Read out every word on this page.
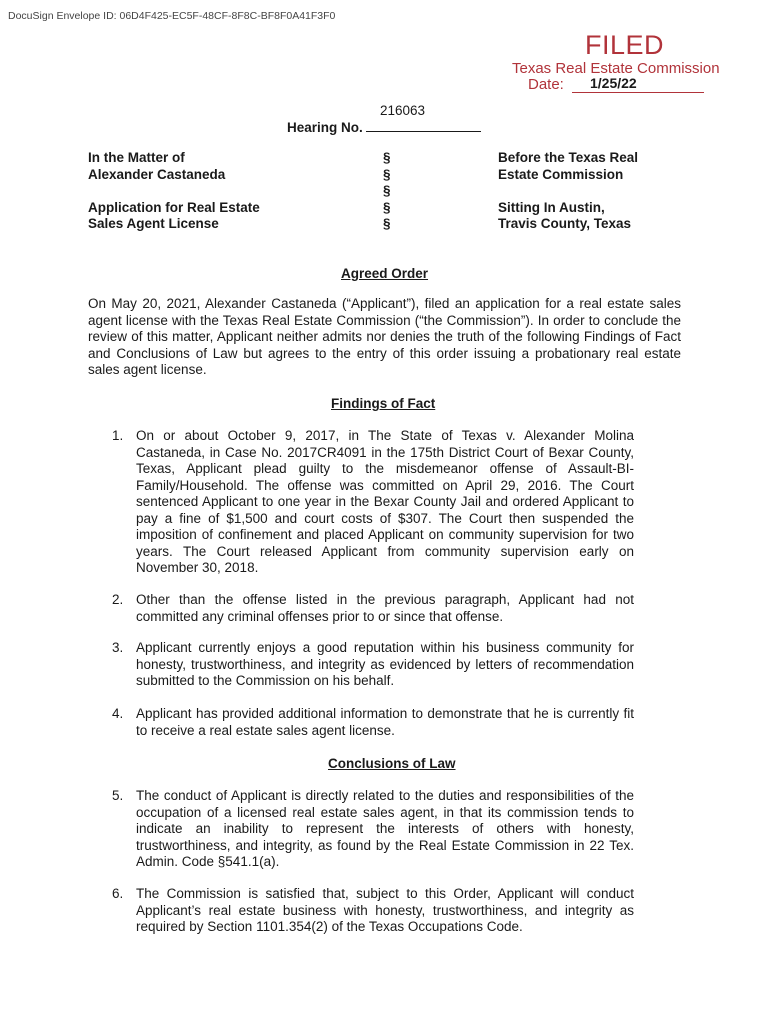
DocuSign Envelope ID: 06D4F425-EC5F-48CF-8F8C-BF8F0A41F3F0
FILED
Texas Real Estate Commission
Date: 1/25/22
216063
Hearing No.
In the Matter of
Alexander Castaneda
Application for Real Estate
Sales Agent License
§
§
§
§
§
Before the Texas Real
Estate Commission
Sitting In Austin,
Travis County, Texas
Agreed Order
On May 20, 2021, Alexander Castaneda (“Applicant”), filed an application for a real estate sales agent license with the Texas Real Estate Commission (“the Commission”). In order to conclude the review of this matter, Applicant neither admits nor denies the truth of the following Findings of Fact and Conclusions of Law but agrees to the entry of this order issuing a probationary real estate sales agent license.
Findings of Fact
1. On or about October 9, 2017, in The State of Texas v. Alexander Molina Castaneda, in Case No. 2017CR4091 in the 175th District Court of Bexar County, Texas, Applicant plead guilty to the misdemeanor offense of Assault-BI-Family/Household. The offense was committed on April 29, 2016. The Court sentenced Applicant to one year in the Bexar County Jail and ordered Applicant to pay a fine of $1,500 and court costs of $307. The Court then suspended the imposition of confinement and placed Applicant on community supervision for two years. The Court released Applicant from community supervision early on November 30, 2018.
2. Other than the offense listed in the previous paragraph, Applicant had not committed any criminal offenses prior to or since that offense.
3. Applicant currently enjoys a good reputation within his business community for honesty, trustworthiness, and integrity as evidenced by letters of recommendation submitted to the Commission on his behalf.
4. Applicant has provided additional information to demonstrate that he is currently fit to receive a real estate sales agent license.
Conclusions of Law
5. The conduct of Applicant is directly related to the duties and responsibilities of the occupation of a licensed real estate sales agent, in that its commission tends to indicate an inability to represent the interests of others with honesty, trustworthiness, and integrity, as found by the Real Estate Commission in 22 Tex. Admin. Code §541.1(a).
6. The Commission is satisfied that, subject to this Order, Applicant will conduct Applicant’s real estate business with honesty, trustworthiness, and integrity as required by Section 1101.354(2) of the Texas Occupations Code.
